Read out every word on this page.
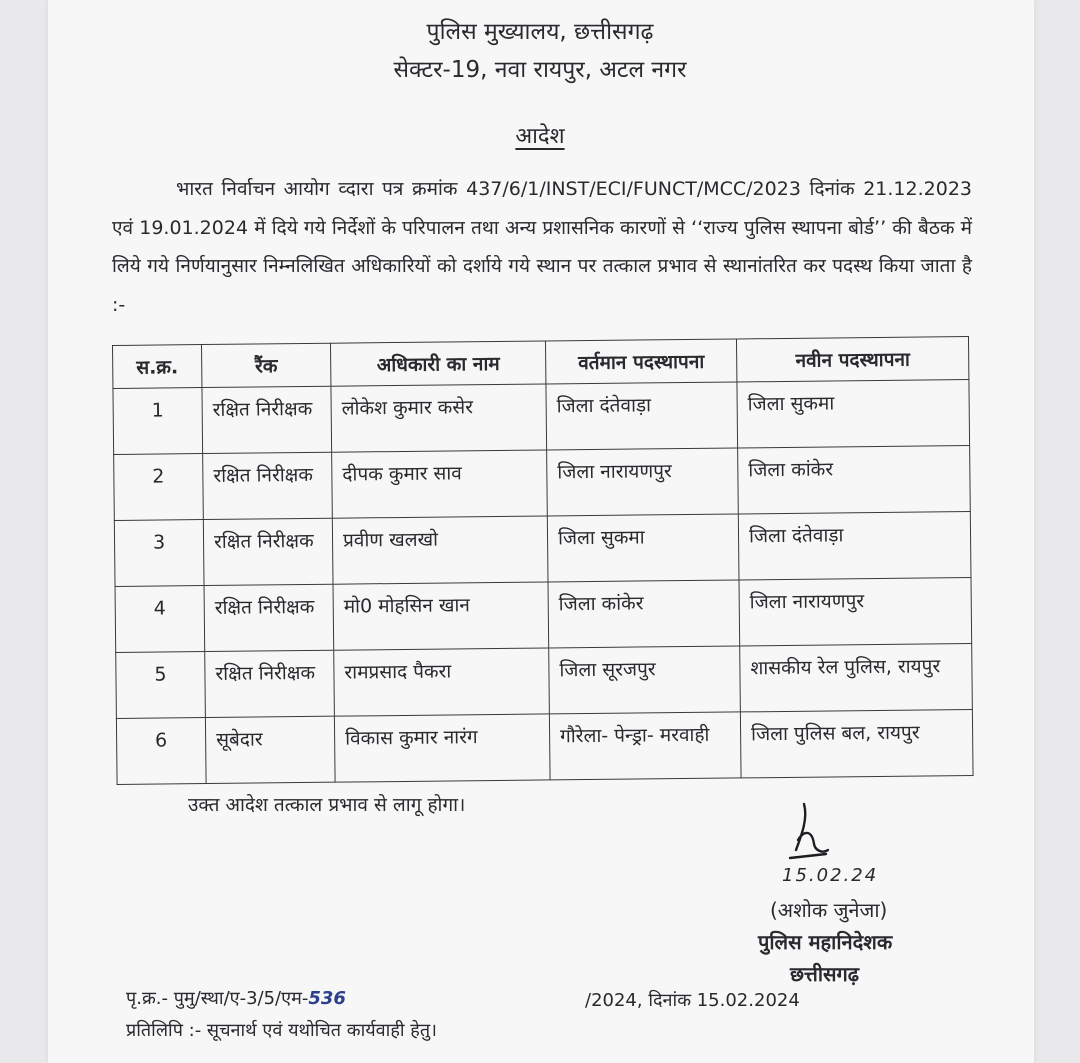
पुलिस मुख्यालय, छत्तीसगढ़
सेक्टर-19, नवा रायपुर, अटल नगर
आदेश
भारत निर्वाचन आयोग व्दारा पत्र क्रमांक 437/6/1/INST/ECI/FUNCT/MCC/2023 दिनांक 21.12.2023 एवं 19.01.2024 में दिये गये निर्देशों के परिपालन तथा अन्य प्रशासनिक कारणों से ‘‘राज्य पुलिस स्थापना बोर्ड’’ की बैठक में लिये गये निर्णयानुसार निम्नलिखित अधिकारियों को दर्शाये गये स्थान पर तत्काल प्रभाव से स्थानांतरित कर पदस्थ किया जाता है :-
स.क्र.	रैंक	अधिकारी का नाम	वर्तमान पदस्थापना	नवीन पदस्थापना
1	रक्षित निरीक्षक	लोकेश कुमार कसेर	जिला दंतेवाड़ा	जिला सुकमा
2	रक्षित निरीक्षक	दीपक कुमार साव	जिला नारायणपुर	जिला कांकेर
3	रक्षित निरीक्षक	प्रवीण खलखो	जिला सुकमा	जिला दंतेवाड़ा
4	रक्षित निरीक्षक	मो0 मोहसिन खान	जिला कांकेर	जिला नारायणपुर
5	रक्षित निरीक्षक	रामप्रसाद पैकरा	जिला सूरजपुर	शासकीय रेल पुलिस, रायपुर
6	सूबेदार	विकास कुमार नारंग	गौरेला- पेन्ड्रा- मरवाही	जिला पुलिस बल, रायपुर
उक्त आदेश तत्काल प्रभाव से लागू होगा।
15.02.24
(अशोक जुनेजा)
पुलिस महानिदेशक
छत्तीसगढ़
पृ.क्र.- पुमु/स्था/ए-3/5/एम-536	/2024, दिनांक 15.02.2024
प्रतिलिपि :- सूचनार्थ एवं यथोचित कार्यवाही हेतु।
